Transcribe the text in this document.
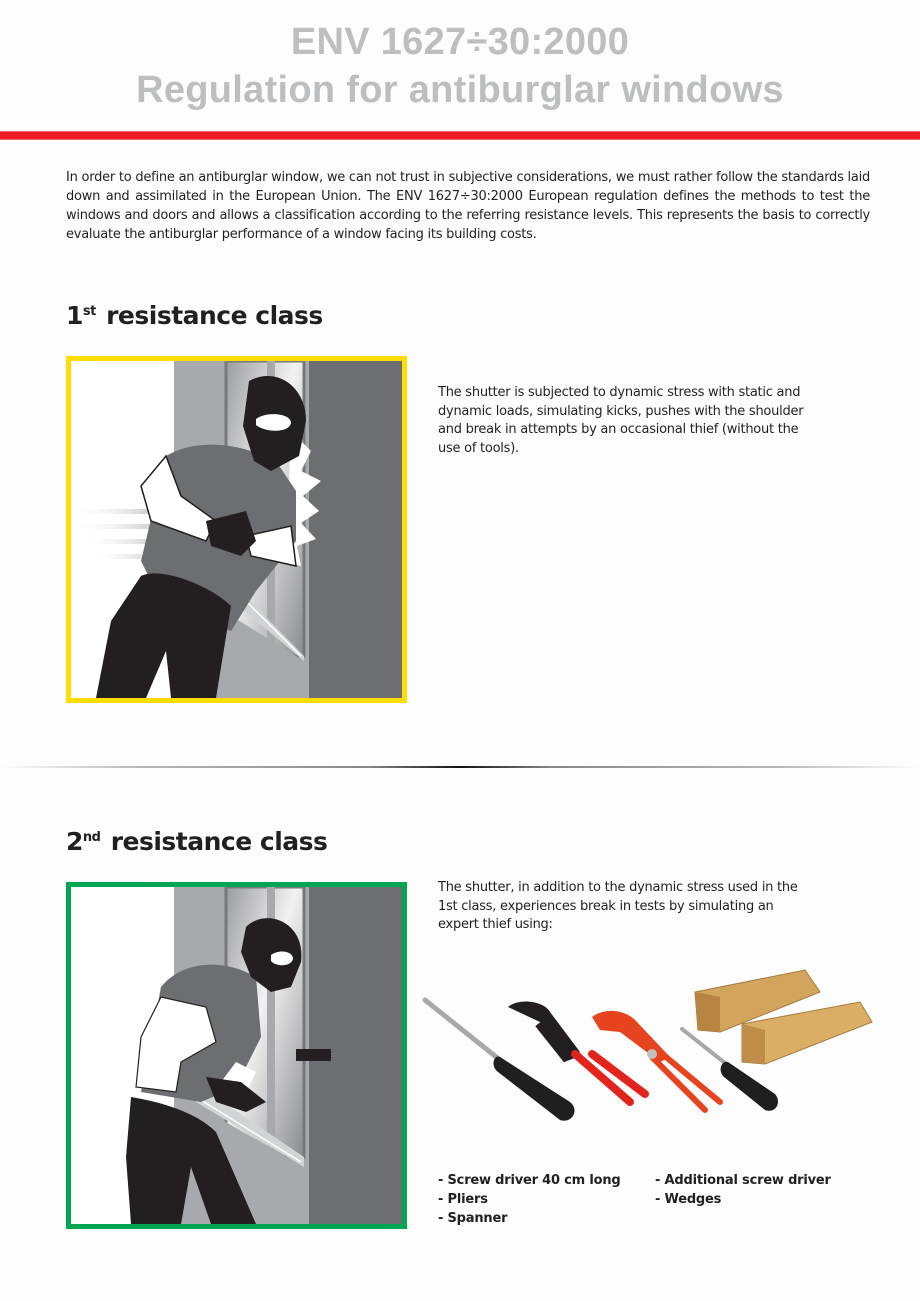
ENV 1627÷30:2000
Regulation for antiburglar windows

In order to define an antiburglar window, we can not trust in subjective considerations, we must rather follow the standards laid down and assimilated in the European Union. The ENV 1627÷30:2000 European regulation defines the methods to test the windows and doors and allows a classification according to the referring resistance levels. This represents the basis to correctly evaluate the antiburglar performance of a window facing its building costs.

1st resistance class

The shutter is subjected to dynamic stress with static and dynamic loads, simulating kicks, pushes with the shoulder and break in attempts by an occasional thief (without the use of tools).

2nd resistance class

The shutter, in addition to the dynamic stress used in the 1st class, experiences break in tests by simulating an expert thief using:

- Screw driver 40 cm long
- Pliers
- Spanner
- Additional screw driver
- Wedges
